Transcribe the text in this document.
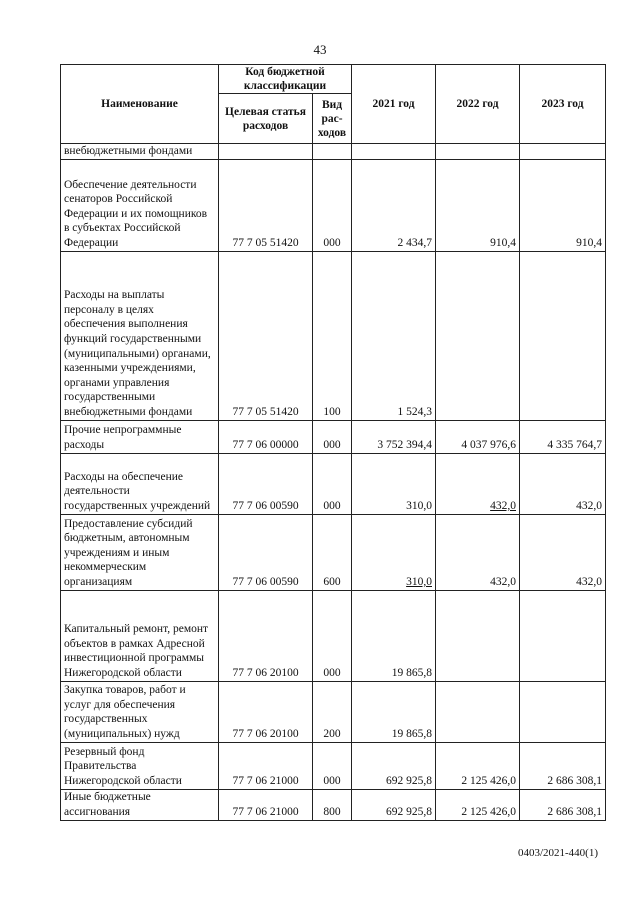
43
Наименование	Код бюджетной классификации		2021 год	2022 год	2023 год
	Целевая статья расходов	Вид рас-ходов			
внебюджетными фондами					
Обеспечение деятельности сенаторов Российской Федерации и их помощников в субъектах Российской Федерации	77 7 05 51420	000	2 434,7	910,4	910,4
Расходы на выплаты персоналу в целях обеспечения выполнения функций государственными (муниципальными) органами, казенными учреждениями, органами управления государственными внебюджетными фондами	77 7 05 51420	100	1 524,3		
Прочие непрограммные расходы	77 7 06 00000	000	3 752 394,4	4 037 976,6	4 335 764,7
Расходы на обеспечение деятельности государственных учреждений	77 7 06 00590	000	310,0	432,0	432,0
Предоставление субсидий бюджетным, автономным учреждениям и иным некоммерческим организациям	77 7 06 00590	600	310,0	432,0	432,0
Капитальный ремонт, ремонт объектов в рамках Адресной инвестиционной программы Нижегородской области	77 7 06 20100	000	19 865,8		
Закупка товаров, работ и услуг для обеспечения государственных (муниципальных) нужд	77 7 06 20100	200	19 865,8		
Резервный фонд Правительства Нижегородской области	77 7 06 21000	000	692 925,8	2 125 426,0	2 686 308,1
Иные бюджетные ассигнования	77 7 06 21000	800	692 925,8	2 125 426,0	2 686 308,1
0403/2021-440(1)
